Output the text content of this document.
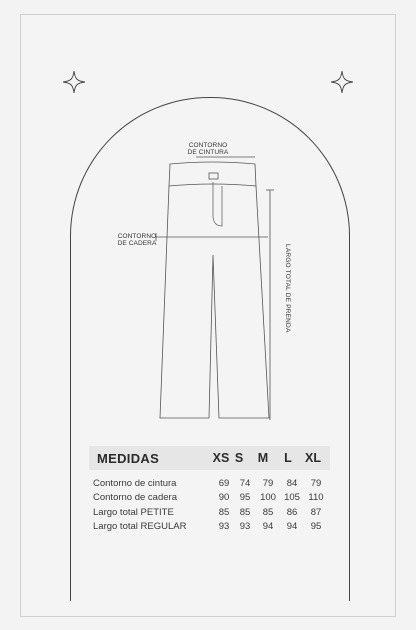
CONTORNO
DE CINTURA
CONTORNO
DE CADERA
LARGO TOTAL DE PRENDA
MEDIDAS	XS S	M	L	XL
Contorno de cintura	69	74	79	84	79
Contorno de cadera	90	95	100 105 110
Largo total PETITE	85	85	85	86	87
Largo total REGULAR	93	93	94	94	95
